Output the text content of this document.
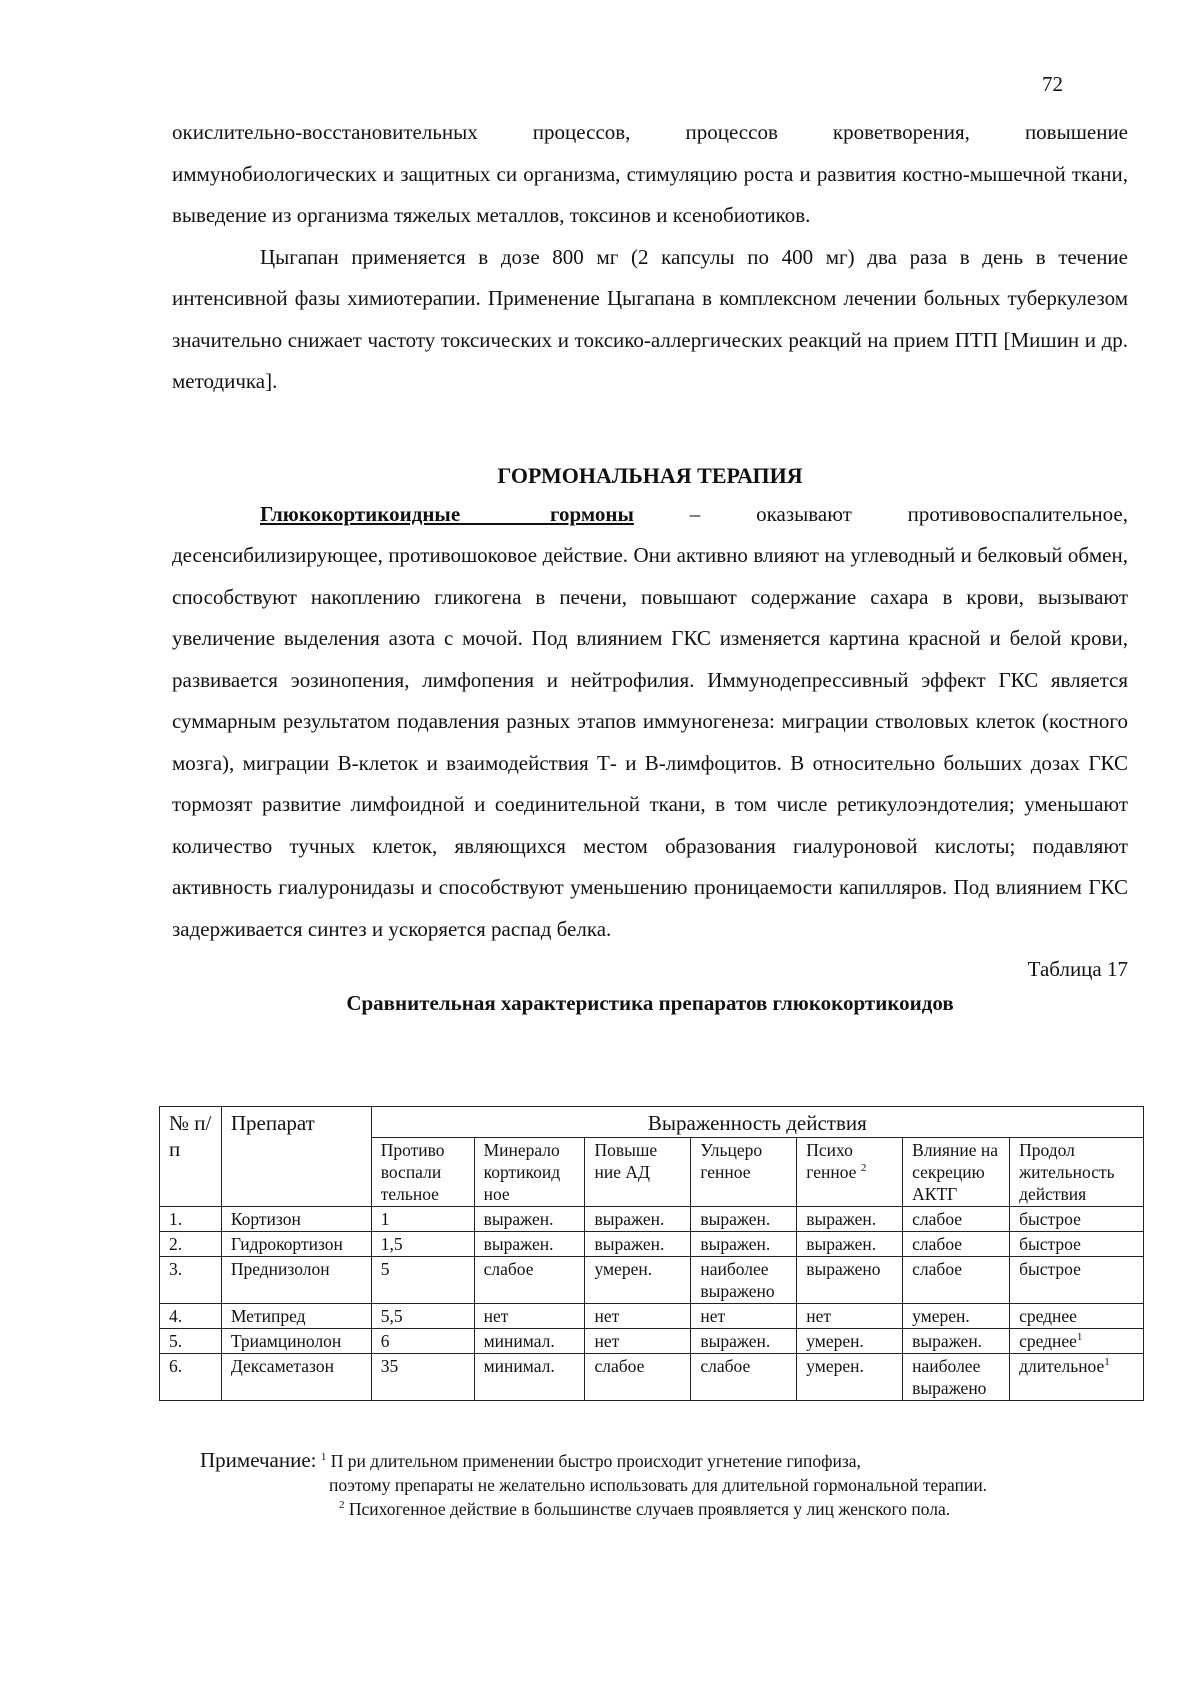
72

окислительно-восстановительных процессов, процессов кроветворения, повышение иммунобиологических и защитных си организма, стимуляцию роста и развития костно-мышечной ткани, выведение из организма тяжелых металлов, токсинов и ксенобиотиков.

Цыгапан применяется в дозе 800 мг (2 капсулы по 400 мг) два раза в день в течение интенсивной фазы химиотерапии. Применение Цыгапана в комплексном лечении больных туберкулезом значительно снижает частоту токсических и токсико-аллергических реакций на прием ПТП [Мишин и др. методичка].

ГОРМОНАЛЬНАЯ ТЕРАПИЯ

Глюкокортикоидные гормоны – оказывают противовоспалительное, десенсибилизирующее, противошоковое действие. Они активно влияют на углеводный и белковый обмен, способствуют накоплению гликогена в печени, повышают содержание сахара в крови, вызывают увеличение выделения азота с мочой. Под влиянием ГКС изменяется картина красной и белой крови, развивается эозинопения, лимфопения и нейтрофилия. Иммунодепрессивный эффект ГКС является суммарным результатом подавления разных этапов иммуногенеза: миграции стволовых клеток (костного мозга), миграции В-клеток и взаимодействия Т- и В-лимфоцитов. В относительно больших дозах ГКС тормозят развитие лимфоидной и соединительной ткани, в том числе ретикулоэндотелия; уменьшают количество тучных клеток, являющихся местом образования гиалуроновой кислоты; подавляют активность гиалуронидазы и способствуют уменьшению проницаемости капилляров. Под влиянием ГКС задерживается синтез и ускоряется распад белка.

Таблица 17
Сравнительная характеристика препаратов глюкокортикоидов
№ п/п	Препарат	Выраженность действия						
		Противо воспали тельное	Минерало кортикоид ное	Повыше ние АД	Ульцеро генное	Психо генное $^2$	Влияние на секрецию АКТГ	Продол жительность действия
1.	Кортизон	1	выражен.	выражен.	выражен.	выражен.	слабое	быстрое
2.	Гидрокортизон	1,5	выражен.	выражен.	выражен.	выражен.	слабое	быстрое
3.	Преднизолон	5	слабое	умерен.	наиболее выражено	выражено	слабое	быстрое
4.	Метипред	5,5	нет	нет	нет	нет	умерен.	среднее
5.	Триамцинолон	6	минимал.	нет	выражен.	умерен.	выражен.	среднее$^1$
6.	Дексаметазон	35	минимал.	слабое	слабое	умерен.	наиболее выражено	длительное$^1$
Примечание: $^1$ П ри длительном применении быстро происходит угнетение гипофиза,
поэтому препараты не желательно использовать для длительной гормональной терапии.
$^2$ Психогенное действие в большинстве случаев проявляется у лиц женского пола.
